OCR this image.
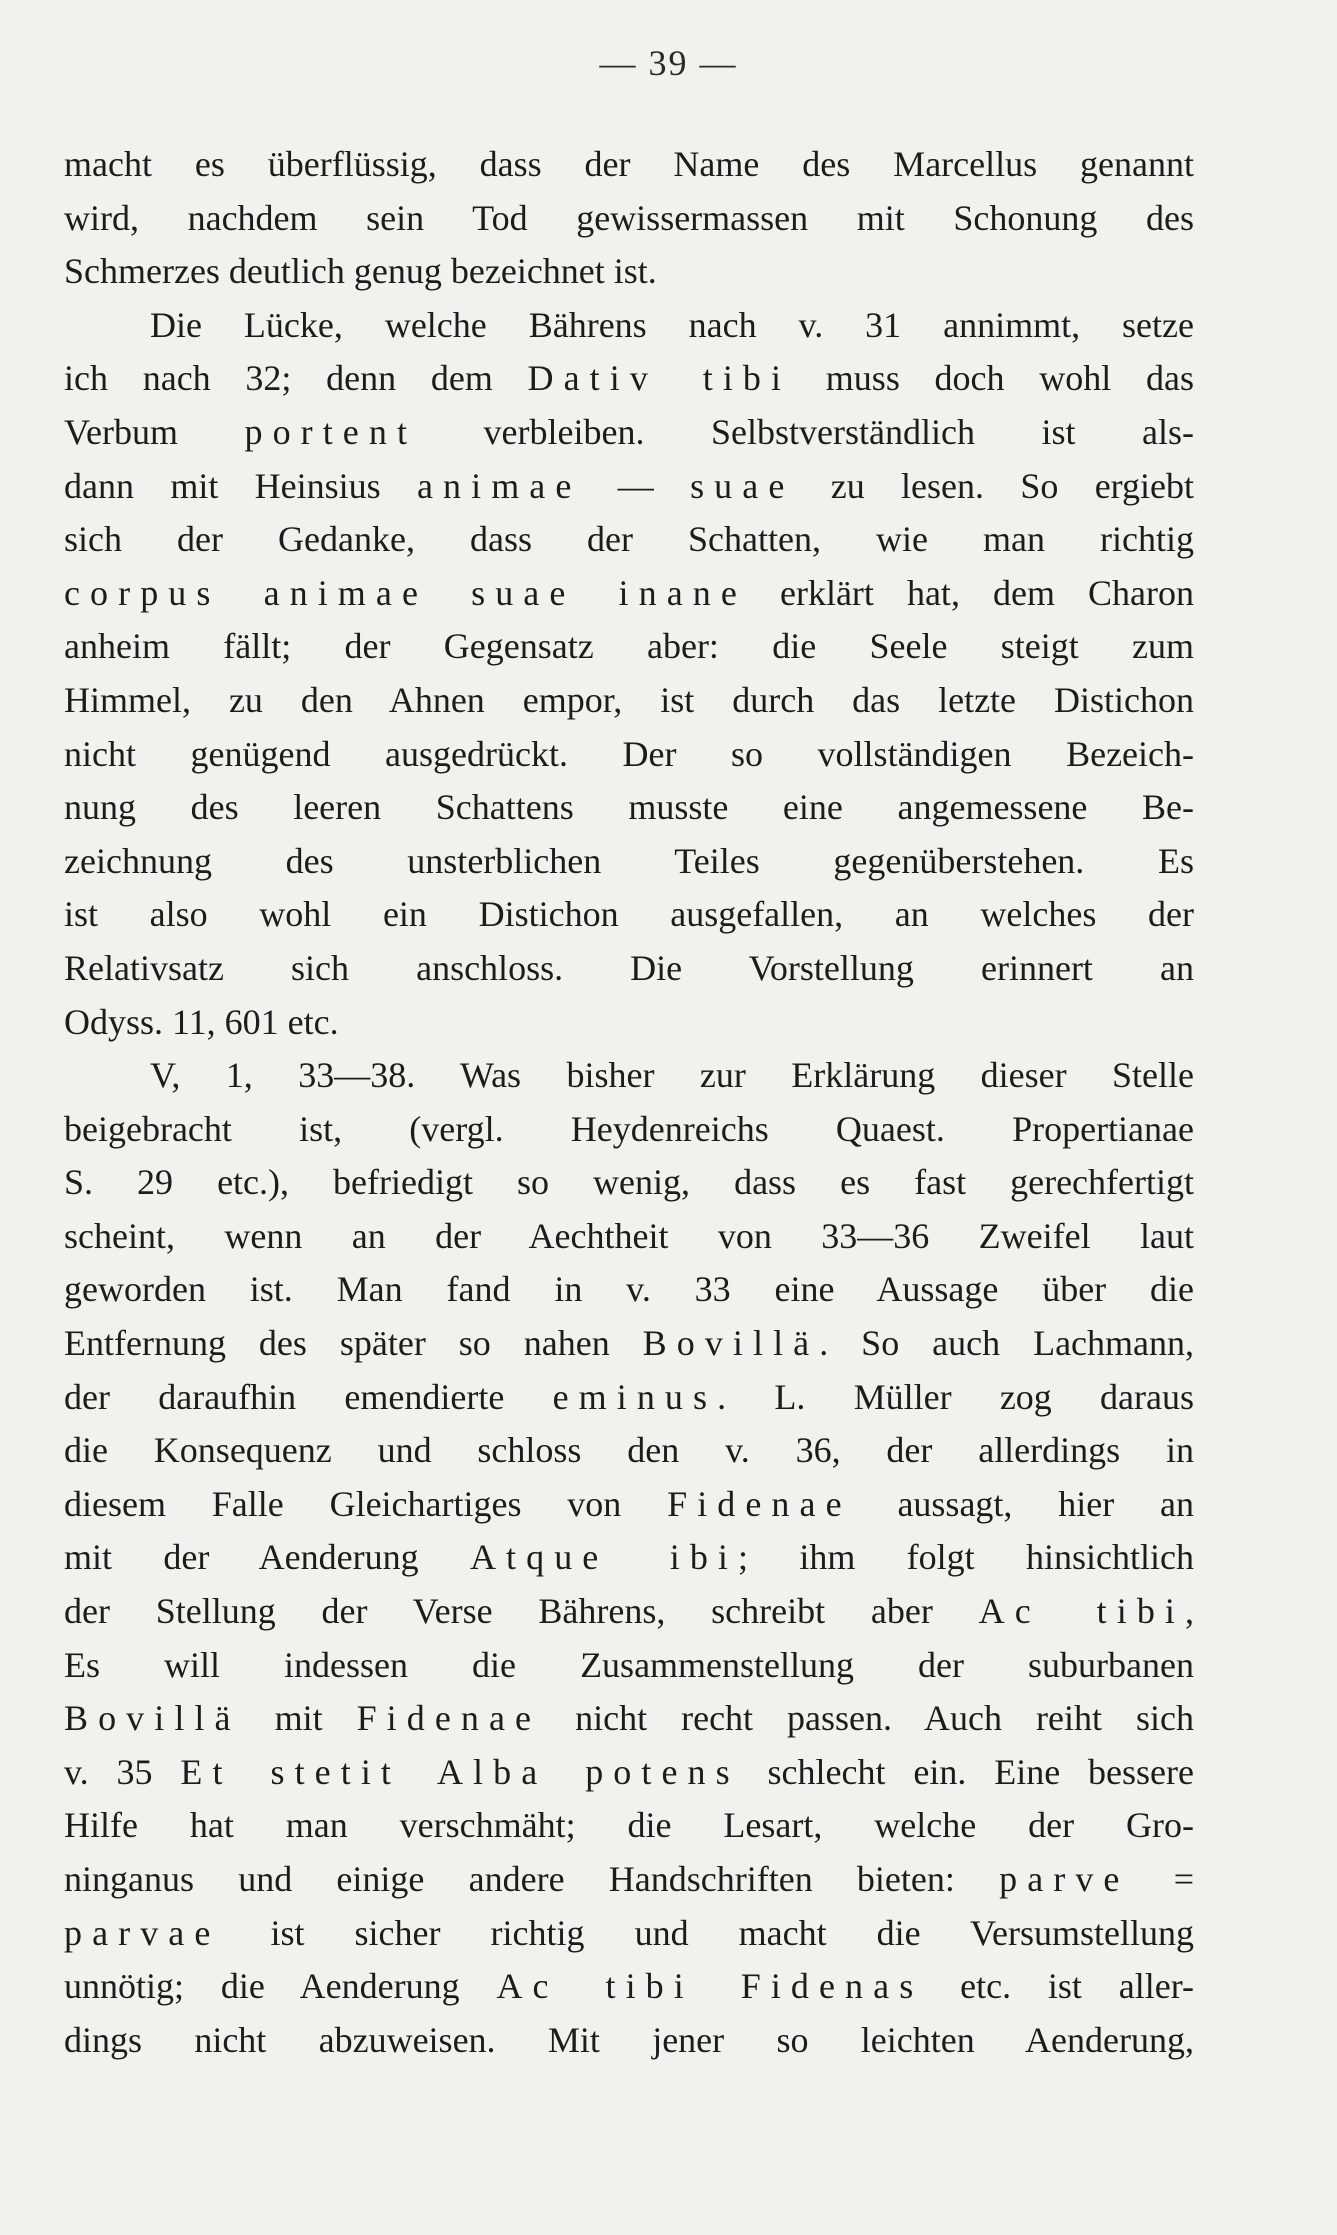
— 39 —
macht es überflüssig, dass der Name des Marcellus genannt
wird, nachdem sein Tod gewissermassen mit Schonung des
Schmerzes deutlich genug bezeichnet ist.
Die Lücke, welche Bährens nach v. 31 annimmt, setze
ich nach 32; denn dem Dativ tibi muss doch wohl das
Verbum portent verbleiben. Selbstverständlich ist als-
dann mit Heinsius animae — suae zu lesen. So ergiebt
sich der Gedanke, dass der Schatten, wie man richtig
corpus animae suae inane erklärt hat, dem Charon
anheim fällt; der Gegensatz aber: die Seele steigt zum
Himmel, zu den Ahnen empor, ist durch das letzte Distichon
nicht genügend ausgedrückt. Der so vollständigen Bezeich-
nung des leeren Schattens musste eine angemessene Be-
zeichnung des unsterblichen Teiles gegenüberstehen. Es
ist also wohl ein Distichon ausgefallen, an welches der
Relativsatz sich anschloss. Die Vorstellung erinnert an
Odyss. 11, 601 etc.
V, 1, 33—38. Was bisher zur Erklärung dieser Stelle
beigebracht ist, (vergl. Heydenreichs Quaest. Propertianae
S. 29 etc.), befriedigt so wenig, dass es fast gerechfertigt
scheint, wenn an der Aechtheit von 33—36 Zweifel laut
geworden ist. Man fand in v. 33 eine Aussage über die
Entfernung des später so nahen Bovillä. So auch Lachmann,
der daraufhin emendierte eminus. L. Müller zog daraus
die Konsequenz und schloss den v. 36, der allerdings in
diesem Falle Gleichartiges von Fidenae aussagt, hier an
mit der Aenderung Atque ibi; ihm folgt hinsichtlich
der Stellung der Verse Bährens, schreibt aber Ac tibi,
Es will indessen die Zusammenstellung der suburbanen
Bovillä mit Fidenae nicht recht passen. Auch reiht sich
v. 35 Et stetit Alba potens schlecht ein. Eine bessere
Hilfe hat man verschmäht; die Lesart, welche der Gro-
ninganus und einige andere Handschriften bieten: parve =
parvae ist sicher richtig und macht die Versumstellung
unnötig; die Aenderung Ac tibi Fidenas etc. ist aller-
dings nicht abzuweisen. Mit jener so leichten Aenderung,
